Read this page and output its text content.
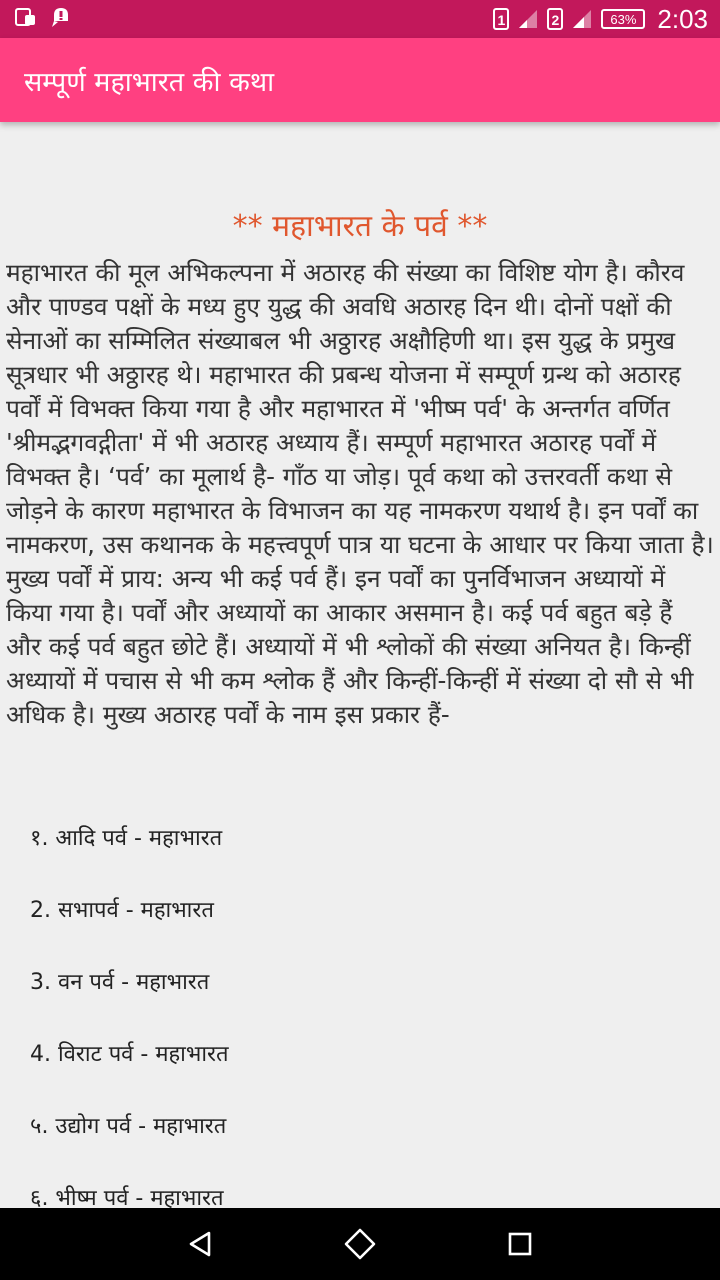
1	2	63% 2:03
सम्पूर्ण महाभारत की कथा
** महाभारत के पर्व **

महाभारत की मूल अभिकल्पना में अठारह की संख्या का विशिष्ट योग है। कौरव और पाण्डव पक्षों के मध्य हुए युद्ध की अवधि अठारह दिन थी। दोनों पक्षों की सेनाओं का सम्मिलित संख्याबल भी अठ्ठारह अक्षौहिणी था। इस युद्ध के प्रमुख सूत्रधार भी अठ्ठारह थे। महाभारत की प्रबन्ध योजना में सम्पूर्ण ग्रन्थ को अठारह पर्वों में विभक्त किया गया है और महाभारत में 'भीष्म पर्व' के अन्तर्गत वर्णित 'श्रीमद्भगवद्गीता' में भी अठारह अध्याय हैं। सम्पूर्ण महाभारत अठारह पर्वों में विभक्त है। ‘पर्व’ का मूलार्थ है- गाँठ या जोड़। पूर्व कथा को उत्तरवर्ती कथा से जोड़ने के कारण महाभारत के विभाजन का यह नामकरण यथार्थ है। इन पर्वों का नामकरण, उस कथानक के महत्त्वपूर्ण पात्र या घटना के आधार पर किया जाता है। मुख्य पर्वों में प्राय: अन्य भी कई पर्व हैं। इन पर्वों का पुनर्विभाजन अध्यायों में किया गया है। पर्वों और अध्यायों का आकार असमान है। कई पर्व बहुत बड़े हैं और कई पर्व बहुत छोटे हैं। अध्यायों में भी श्लोकों की संख्या अनियत है। किन्हीं अध्यायों में पचास से भी कम श्लोक हैं और किन्हीं-किन्हीं में संख्या दो सौ से भी अधिक है। मुख्य अठारह पर्वों के नाम इस प्रकार हैं-

१. आदि पर्व - महाभारत
2. सभापर्व - महाभारत
3. वन पर्व - महाभारत
4. विराट पर्व - महाभारत
५. उद्योग पर्व - महाभारत
६. भीष्म पर्व - महाभारत
